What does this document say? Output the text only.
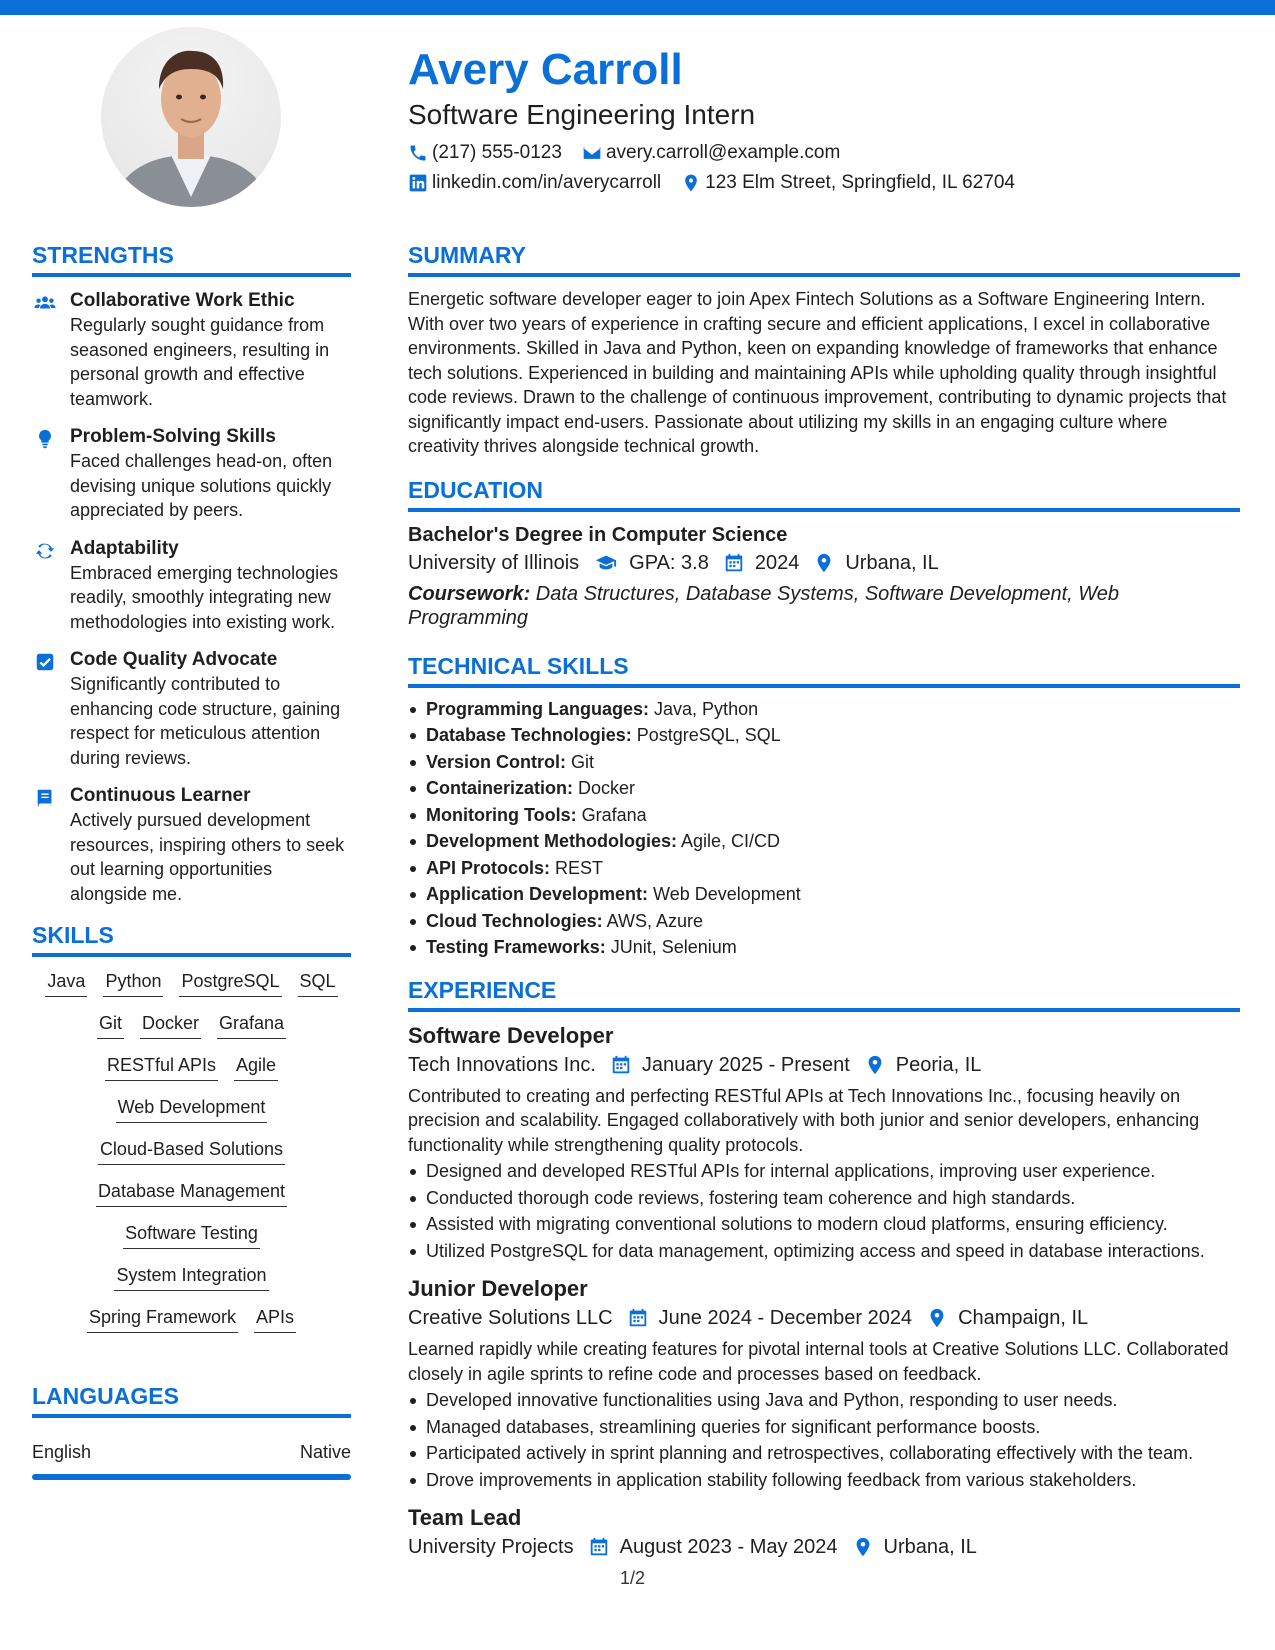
Avery Carroll
Software Engineering Intern
(217) 555-0123 avery.carroll@example.com
linkedin.com/in/averycarroll 123 Elm Street, Springfield, IL 62704
STRENGTHS
Collaborative Work Ethic
Regularly sought guidance from seasoned engineers, resulting in personal growth and effective teamwork.
Problem-Solving Skills
Faced challenges head-on, often devising unique solutions quickly appreciated by peers.
Adaptability
Embraced emerging technologies readily, smoothly integrating new methodologies into existing work.
Code Quality Advocate
Significantly contributed to enhancing code structure, gaining respect for meticulous attention during reviews.
Continuous Learner
Actively pursued development resources, inspiring others to seek out learning opportunities alongside me.
SKILLS
Java Python PostgreSQL SQL
Git Docker Grafana
RESTful APIs Agile
Web Development
Cloud-Based Solutions
Database Management
Software Testing
System Integration
Spring Framework APIs
LANGUAGES
English	Native
SUMMARY
Energetic software developer eager to join Apex Fintech Solutions as a Software Engineering Intern. With over two years of experience in crafting secure and efficient applications, I excel in collaborative environments. Skilled in Java and Python, keen on expanding knowledge of frameworks that enhance tech solutions. Experienced in building and maintaining APIs while upholding quality through insightful code reviews. Drawn to the challenge of continuous improvement, contributing to dynamic projects that significantly impact end-users. Passionate about utilizing my skills in an engaging culture where creativity thrives alongside technical growth.
EDUCATION
Bachelor's Degree in Computer Science
University of Illinois	GPA: 3.8 2024 Urbana, IL
Coursework: Data Structures, Database Systems, Software Development, Web Programming
TECHNICAL SKILLS
Programming Languages: Java, Python
Database Technologies: PostgreSQL, SQL
Version Control: Git
Containerization: Docker
Monitoring Tools: Grafana
Development Methodologies: Agile, CI/CD
API Protocols: REST
Application Development: Web Development
Cloud Technologies: AWS, Azure
Testing Frameworks: JUnit, Selenium
EXPERIENCE
Software Developer
Tech Innovations Inc. January 2025 - Present Peoria, IL
Contributed to creating and perfecting RESTful APIs at Tech Innovations Inc., focusing heavily on precision and scalability. Engaged collaboratively with both junior and senior developers, enhancing functionality while strengthening quality protocols.
Designed and developed RESTful APIs for internal applications, improving user experience.
Conducted thorough code reviews, fostering team coherence and high standards.
Assisted with migrating conventional solutions to modern cloud platforms, ensuring efficiency.
Utilized PostgreSQL for data management, optimizing access and speed in database interactions.
Junior Developer
Creative Solutions LLC June 2024 - December 2024 Champaign, IL
Learned rapidly while creating features for pivotal internal tools at Creative Solutions LLC. Collaborated closely in agile sprints to refine code and processes based on feedback.
Developed innovative functionalities using Java and Python, responding to user needs.
Managed databases, streamlining queries for significant performance boosts.
Participated actively in sprint planning and retrospectives, collaborating effectively with the team.
Drove improvements in application stability following feedback from various stakeholders.
Team Lead
University Projects August 2023 - May 2024 Urbana, IL
1/2
